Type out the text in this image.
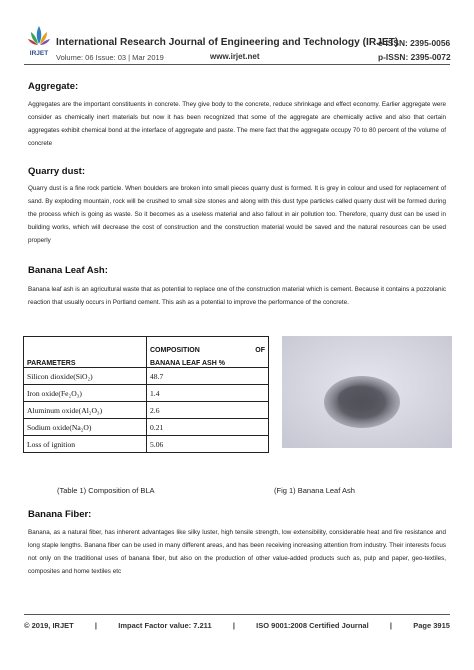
IRJET
International Research Journal of Engineering and Technology (IRJET)
e-ISSN: 2395-0056
p-ISSN: 2395-0072
Volume: 06 Issue: 03 | Mar 2019	www.irjet.net
Aggregate:
Aggregates are the important constituents in concrete. They give body to the concrete, reduce shrinkage and effect economy. Earlier aggregate were consider as chemically inert materials but now it has been recognized that some of the aggregate are chemically active and also that certain aggregates exhibit chemical bond at the interface of aggregate and paste. The mere fact that the aggregate occupy 70 to 80 percent of the volume of concrete
Quarry dust:
Quarry dust is a fine rock particle. When boulders are broken into small pieces quarry dust is formed. It is grey in colour and used for replacement of sand. By exploding mountain, rock will be crushed to small size stones and along with this dust type particles called quarry dust will be formed during the process which is going as waste. So it becomes as a useless material and also fallout in air pollution too. Therefore, quarry dust can be used in building works, which will decrease the cost of construction and the construction material would be saved and the natural resources can be used properly
Banana Leaf Ash:
Banana leaf ash is an agricultural waste that as potential to replace one of the construction material which is cement. Because it contains a pozzolanic reaction that usually occurs in Portland cement. This ash as a potential to improve the performance of the concrete.
PARAMETERS	COMPOSITION OF
BANANA LEAF ASH %

Silicon dioxide(SiO₂)	48.7
Iron oxide(Fe₂O₃)	1.4
Aluminum oxide(Al₂O₃)	2.6
Sodium oxide(Na₂O)	0.21
Loss of ignition	5.06
(Table 1) Composition of BLA	(Fig 1) Banana Leaf Ash
Banana Fiber:
Banana, as a natural fiber, has inherent advantages like silky luster, high tensile strength, low extensibility, considerable heat and fire resistance and long staple lengths. Banana fiber can be used in many different areas, and has been receiving increasing attention from industry. Their interests focus not only on the traditional uses of banana fiber, but also on the production of other value-added products such as, pulp and paper, geo-textiles, composites and home textiles etc
© 2019, IRJET	|	Impact Factor value: 7.211	|	ISO 9001:2008 Certified Journal	|	Page 3915
